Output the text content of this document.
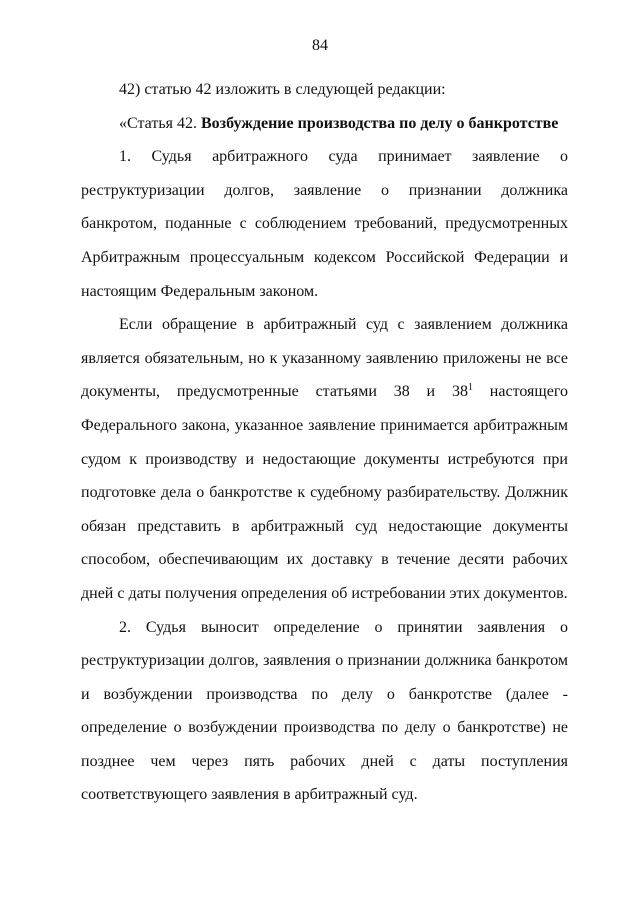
84

42) статью 42 изложить в следующей редакции:

«Статья 42. Возбуждение производства по делу о банкротстве

1. Судья арбитражного суда принимает заявление о реструктуризации долгов, заявление о признании должника банкротом, поданные с соблюдением требований, предусмотренных Арбитражным процессуальным кодексом Российской Федерации и настоящим Федеральным законом.

Если обращение в арбитражный суд с заявлением должника является обязательным, но к указанному заявлению приложены не все документы, предусмотренные статьями 38 и $38^1$ настоящего Федерального закона, указанное заявление принимается арбитражным судом к производству и недостающие документы истребуются при подготовке дела о банкротстве к судебному разбирательству. Должник обязан представить в арбитражный суд недостающие документы способом, обеспечивающим их доставку в течение десяти рабочих дней с даты получения определения об истребовании этих документов.

2. Судья выносит определение о принятии заявления о реструктуризации долгов, заявления о признании должника банкротом и возбуждении производства по делу о банкротстве (далее - определение о возбуждении производства по делу о банкротстве) не позднее чем через пять рабочих дней с даты поступления соответствующего заявления в арбитражный суд.
